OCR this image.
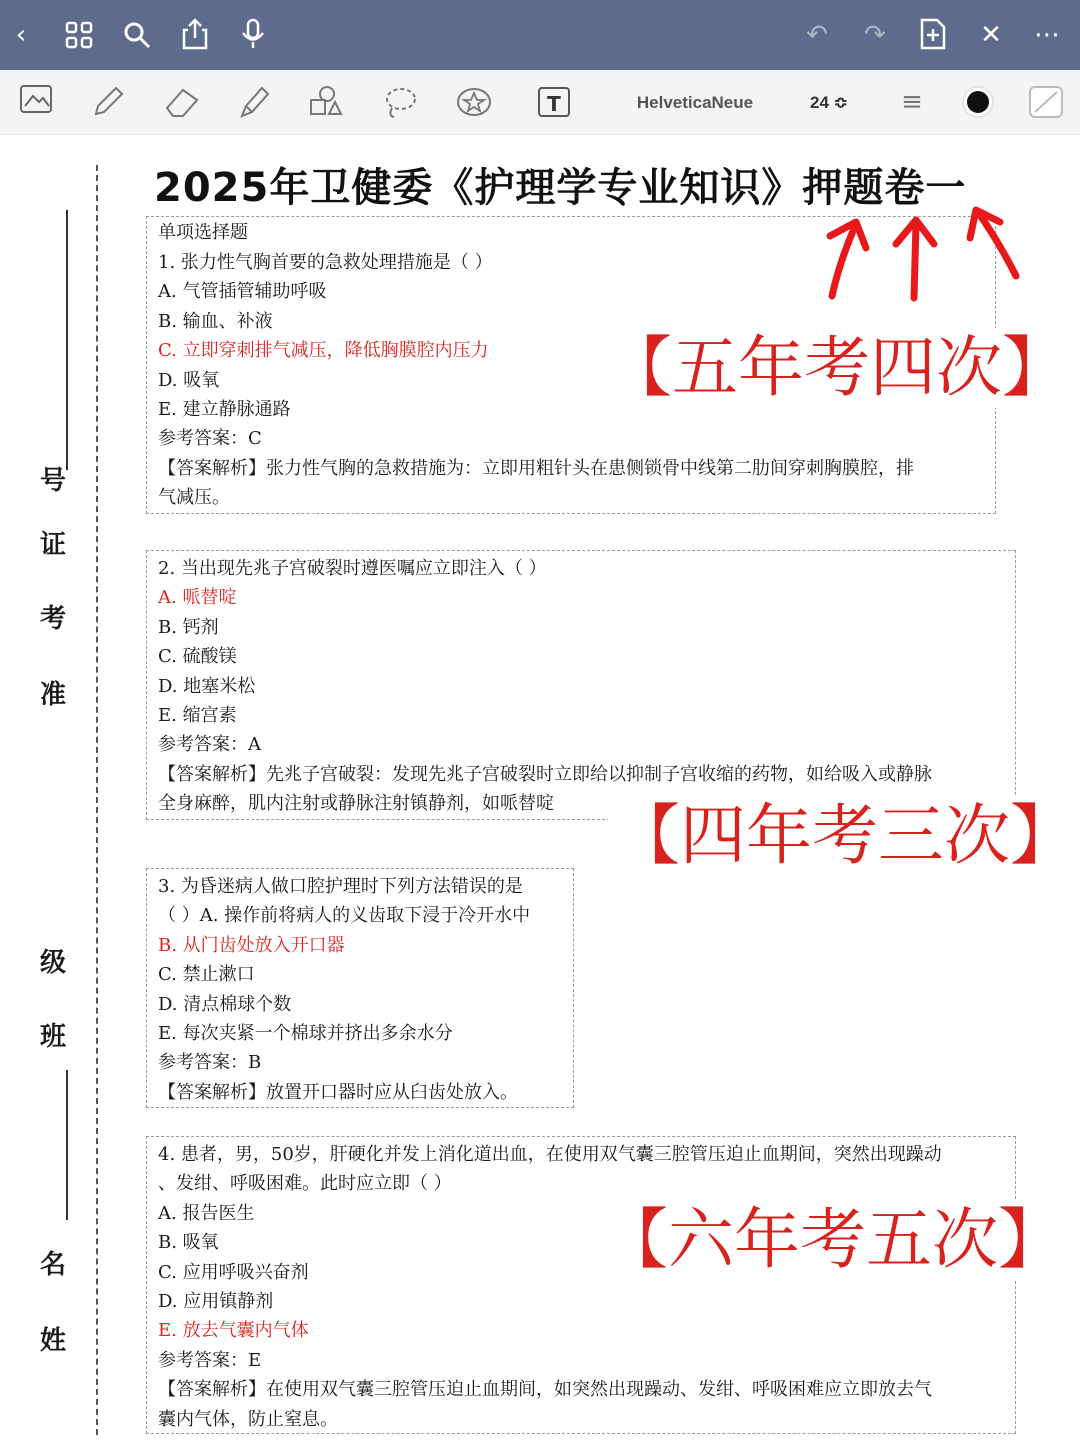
‹	↶ ↷	✕ ⋯
T	HelveticaNeue	24 ≎	≡
号
证
考
准
级
班
名
姓
2025年卫健委《护理学专业知识》押题卷一
单项选择题
1. 张力性气胸首要的急救处理措施是（ ）
A. 气管插管辅助呼吸
B. 输血、补液
C. 立即穿刺排气减压，降低胸膜腔内压力
D. 吸氧
E. 建立静脉通路
参考答案：C
【答案解析】张力性气胸的急救措施为：立即用粗针头在患侧锁骨中线第二肋间穿刺胸膜腔，排
气减压。
2. 当出现先兆子宫破裂时遵医嘱应立即注入（ ）
A. 哌替啶
B. 钙剂
C. 硫酸镁
D. 地塞米松
E. 缩宫素
参考答案：A
【答案解析】先兆子宫破裂：发现先兆子宫破裂时立即给以抑制子宫收缩的药物，如给吸入或静脉
全身麻醉，肌内注射或静脉注射镇静剂，如哌替啶
3. 为昏迷病人做口腔护理时下列方法错误的是
（ ）A. 操作前将病人的义齿取下浸于冷开水中
B. 从门齿处放入开口器
C. 禁止漱口
D. 清点棉球个数
E. 每次夹紧一个棉球并挤出多余水分
参考答案：B
【答案解析】放置开口器时应从臼齿处放入。
4. 患者，男，50岁，肝硬化并发上消化道出血，在使用双气囊三腔管压迫止血期间，突然出现躁动
、发绀、呼吸困难。此时应立即（ ）
A. 报告医生
B. 吸氧
C. 应用呼吸兴奋剂
D. 应用镇静剂
E. 放去气囊内气体
参考答案：E
【答案解析】在使用双气囊三腔管压迫止血期间，如突然出现躁动、发绀、呼吸困难应立即放去气
囊内气体，防止窒息。
【五年考四次】
【四年考三次】
【六年考五次】
